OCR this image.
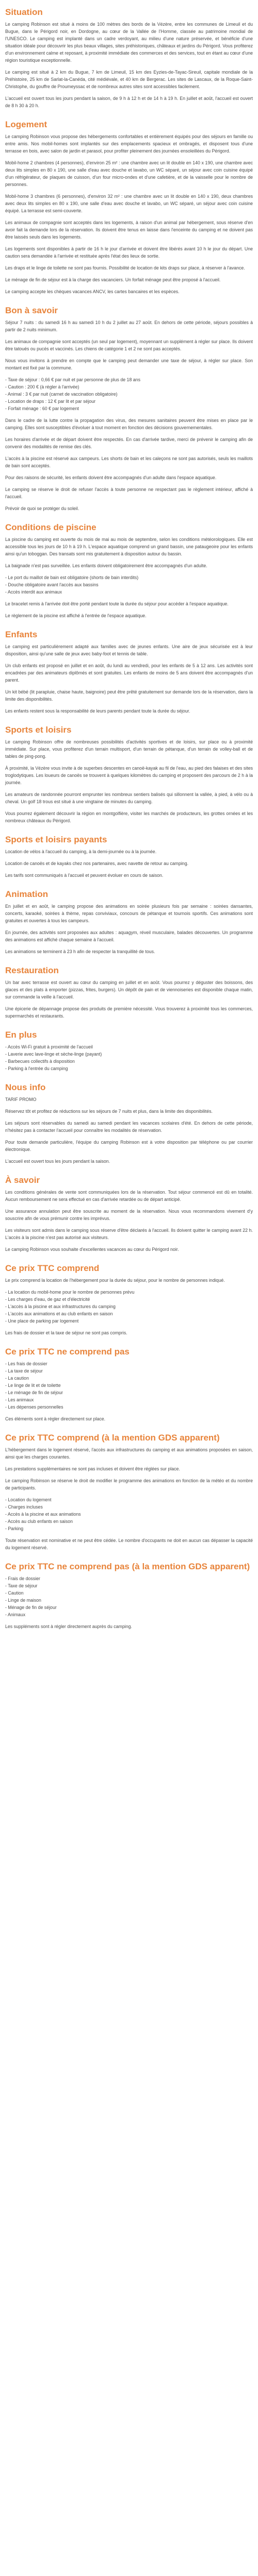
Situation

Le camping Robinson est situé à moins de 100 mètres des bords de la Vézère, entre les communes de Limeuil et du Bugue, dans le Périgord noir, en Dordogne, au cœur de la Vallée de l'Homme, classée au patrimoine mondial de l'UNESCO. Le camping est implanté dans un cadre verdoyant, au milieu d'une nature préservée, et bénéficie d'une situation idéale pour découvrir les plus beaux villages, sites préhistoriques, châteaux et jardins du Périgord. Vous profiterez d'un environnement calme et reposant, à proximité immédiate des commerces et des services, tout en étant au cœur d'une région touristique exceptionnelle.

Le camping est situé à 2 km du Bugue, 7 km de Limeuil, 15 km des Eyzies-de-Tayac-Sireuil, capitale mondiale de la Préhistoire, 25 km de Sarlat-la-Canéda, cité médiévale, et 40 km de Bergerac. Les sites de Lascaux, de la Roque-Saint-Christophe, du gouffre de Proumeyssac et de nombreux autres sites sont accessibles facilement.

L'accueil est ouvert tous les jours pendant la saison, de 9 h à 12 h et de 14 h à 19 h. En juillet et août, l'accueil est ouvert de 8 h 30 à 20 h.

Logement

Le camping Robinson vous propose des hébergements confortables et entièrement équipés pour des séjours en famille ou entre amis. Nos mobil-homes sont implantés sur des emplacements spacieux et ombragés, et disposent tous d'une terrasse en bois, avec salon de jardin et parasol, pour profiter pleinement des journées ensoleillées du Périgord.

Mobil-home 2 chambres (4 personnes), d'environ 25 m² : une chambre avec un lit double en 140 x 190, une chambre avec deux lits simples en 80 x 190, une salle d'eau avec douche et lavabo, un WC séparé, un séjour avec coin cuisine équipé d'un réfrigérateur, de plaques de cuisson, d'un four micro-ondes et d'une cafetière, et de la vaisselle pour le nombre de personnes.

Mobil-home 3 chambres (6 personnes), d'environ 32 m² : une chambre avec un lit double en 140 x 190, deux chambres avec deux lits simples en 80 x 190, une salle d'eau avec douche et lavabo, un WC séparé, un séjour avec coin cuisine équipé. La terrasse est semi-couverte.

Les animaux de compagnie sont acceptés dans les logements, à raison d'un animal par hébergement, sous réserve d'en avoir fait la demande lors de la réservation. Ils doivent être tenus en laisse dans l'enceinte du camping et ne doivent pas être laissés seuls dans les logements.

Les logements sont disponibles à partir de 16 h le jour d'arrivée et doivent être libérés avant 10 h le jour du départ. Une caution sera demandée à l'arrivée et restituée après l'état des lieux de sortie.

Les draps et le linge de toilette ne sont pas fournis. Possibilité de location de kits draps sur place, à réserver à l'avance.

Le ménage de fin de séjour est à la charge des vacanciers. Un forfait ménage peut être proposé à l'accueil.

Le camping accepte les chèques vacances ANCV, les cartes bancaires et les espèces.

Bon à savoir

Séjour 7 nuits : du samedi 16 h au samedi 10 h du 2 juillet au 27 août. En dehors de cette période, séjours possibles à partir de 2 nuits minimum.

Les animaux de compagnie sont acceptés (un seul par logement), moyennant un supplément à régler sur place. Ils doivent être tatoués ou pucés et vaccinés. Les chiens de catégorie 1 et 2 ne sont pas acceptés.

Nous vous invitons à prendre en compte que le camping peut demander une taxe de séjour, à régler sur place. Son montant est fixé par la commune.

- Taxe de séjour : 0,66 € par nuit et par personne de plus de 18 ans
- Caution : 200 € (à régler à l'arrivée)
- Animal : 3 € par nuit (carnet de vaccination obligatoire)
- Location de draps : 12 € par lit et par séjour
- Forfait ménage : 60 € par logement

Dans le cadre de la lutte contre la propagation des virus, des mesures sanitaires peuvent être mises en place par le camping. Elles sont susceptibles d'évoluer à tout moment en fonction des décisions gouvernementales.

Les horaires d'arrivée et de départ doivent être respectés. En cas d'arrivée tardive, merci de prévenir le camping afin de convenir des modalités de remise des clés.

L'accès à la piscine est réservé aux campeurs. Les shorts de bain et les caleçons ne sont pas autorisés, seuls les maillots de bain sont acceptés.

Pour des raisons de sécurité, les enfants doivent être accompagnés d'un adulte dans l'espace aquatique.

Le camping se réserve le droit de refuser l'accès à toute personne ne respectant pas le règlement intérieur, affiché à l'accueil.

Prévoir de quoi se protéger du soleil.

Conditions de piscine

La piscine du camping est ouverte du mois de mai au mois de septembre, selon les conditions météorologiques. Elle est accessible tous les jours de 10 h à 19 h. L'espace aquatique comprend un grand bassin, une pataugeoire pour les enfants ainsi qu'un toboggan. Des transats sont mis gratuitement à disposition autour du bassin.

La baignade n'est pas surveillée. Les enfants doivent obligatoirement être accompagnés d'un adulte.

- Le port du maillot de bain est obligatoire (shorts de bain interdits)
- Douche obligatoire avant l'accès aux bassins
- Accès interdit aux animaux

Le bracelet remis à l'arrivée doit être porté pendant toute la durée du séjour pour accéder à l'espace aquatique.

Le règlement de la piscine est affiché à l'entrée de l'espace aquatique.

Enfants

Le camping est particulièrement adapté aux familles avec de jeunes enfants. Une aire de jeux sécurisée est à leur disposition, ainsi qu'une salle de jeux avec baby-foot et tennis de table.

Un club enfants est proposé en juillet et en août, du lundi au vendredi, pour les enfants de 5 à 12 ans. Les activités sont encadrées par des animateurs diplômés et sont gratuites. Les enfants de moins de 5 ans doivent être accompagnés d'un parent.

Un kit bébé (lit parapluie, chaise haute, baignoire) peut être prêté gratuitement sur demande lors de la réservation, dans la limite des disponibilités.

Les enfants restent sous la responsabilité de leurs parents pendant toute la durée du séjour.

Sports et loisirs

Le camping Robinson offre de nombreuses possibilités d'activités sportives et de loisirs, sur place ou à proximité immédiate. Sur place, vous profiterez d'un terrain multisport, d'un terrain de pétanque, d'un terrain de volley-ball et de tables de ping-pong.

À proximité, la Vézère vous invite à de superbes descentes en canoë-kayak au fil de l'eau, au pied des falaises et des sites troglodytiques. Les loueurs de canoës se trouvent à quelques kilomètres du camping et proposent des parcours de 2 h à la journée.

Les amateurs de randonnée pourront emprunter les nombreux sentiers balisés qui sillonnent la vallée, à pied, à vélo ou à cheval. Un golf 18 trous est situé à une vingtaine de minutes du camping.

Vous pourrez également découvrir la région en montgolfière, visiter les marchés de producteurs, les grottes ornées et les nombreux châteaux du Périgord.

Sports et loisirs payants

Location de vélos à l'accueil du camping, à la demi-journée ou à la journée.

Location de canoës et de kayaks chez nos partenaires, avec navette de retour au camping.

Les tarifs sont communiqués à l'accueil et peuvent évoluer en cours de saison.

Animation

En juillet et en août, le camping propose des animations en soirée plusieurs fois par semaine : soirées dansantes, concerts, karaoké, soirées à thème, repas conviviaux, concours de pétanque et tournois sportifs. Ces animations sont gratuites et ouvertes à tous les campeurs.

En journée, des activités sont proposées aux adultes : aquagym, réveil musculaire, balades découvertes. Un programme des animations est affiché chaque semaine à l'accueil.

Les animations se terminent à 23 h afin de respecter la tranquillité de tous.

Restauration

Un bar avec terrasse est ouvert au cœur du camping en juillet et en août. Vous pourrez y déguster des boissons, des glaces et des plats à emporter (pizzas, frites, burgers). Un dépôt de pain et de viennoiseries est disponible chaque matin, sur commande la veille à l'accueil.

Une épicerie de dépannage propose des produits de première nécessité. Vous trouverez à proximité tous les commerces, supermarchés et restaurants.

En plus
- Accès Wi-Fi gratuit à proximité de l'accueil
- Laverie avec lave-linge et sèche-linge (payant)
- Barbecues collectifs à disposition
- Parking à l'entrée du camping
Nous info

TARIF PROMO

Réservez tôt et profitez de réductions sur les séjours de 7 nuits et plus, dans la limite des disponibilités.

Les séjours sont réservables du samedi au samedi pendant les vacances scolaires d'été. En dehors de cette période, n'hésitez pas à contacter l'accueil pour connaître les modalités de réservation.

Pour toute demande particulière, l'équipe du camping Robinson est à votre disposition par téléphone ou par courrier électronique.

L'accueil est ouvert tous les jours pendant la saison.

À savoir

Les conditions générales de vente sont communiquées lors de la réservation. Tout séjour commencé est dû en totalité. Aucun remboursement ne sera effectué en cas d'arrivée retardée ou de départ anticipé.

Une assurance annulation peut être souscrite au moment de la réservation. Nous vous recommandons vivement d'y souscrire afin de vous prémunir contre les imprévus.

Les visiteurs sont admis dans le camping sous réserve d'être déclarés à l'accueil. Ils doivent quitter le camping avant 22 h. L'accès à la piscine n'est pas autorisé aux visiteurs.

Le camping Robinson vous souhaite d'excellentes vacances au cœur du Périgord noir.

Ce prix TTC comprend

Le prix comprend la location de l'hébergement pour la durée du séjour, pour le nombre de personnes indiqué.

- La location du mobil-home pour le nombre de personnes prévu
- Les charges d'eau, de gaz et d'électricité
- L'accès à la piscine et aux infrastructures du camping
- L'accès aux animations et au club enfants en saison
- Une place de parking par logement

Les frais de dossier et la taxe de séjour ne sont pas compris.

Ce prix TTC ne comprend pas
- Les frais de dossier
- La taxe de séjour
- La caution
- Le linge de lit et de toilette
- Le ménage de fin de séjour
- Les animaux
- Les dépenses personnelles

Ces éléments sont à régler directement sur place.

Ce prix TTC comprend (à la mention GDS apparent)

L'hébergement dans le logement réservé, l'accès aux infrastructures du camping et aux animations proposées en saison, ainsi que les charges courantes.

Les prestations supplémentaires ne sont pas incluses et doivent être réglées sur place.

Le camping Robinson se réserve le droit de modifier le programme des animations en fonction de la météo et du nombre de participants.

- Location du logement
- Charges incluses
- Accès à la piscine et aux animations
- Accès au club enfants en saison
- Parking

Toute réservation est nominative et ne peut être cédée. Le nombre d'occupants ne doit en aucun cas dépasser la capacité du logement réservé.

Ce prix TTC ne comprend pas (à la mention GDS apparent)
- Frais de dossier
- Taxe de séjour
- Caution
- Linge de maison
- Ménage de fin de séjour
- Animaux

Les suppléments sont à régler directement auprès du camping.
